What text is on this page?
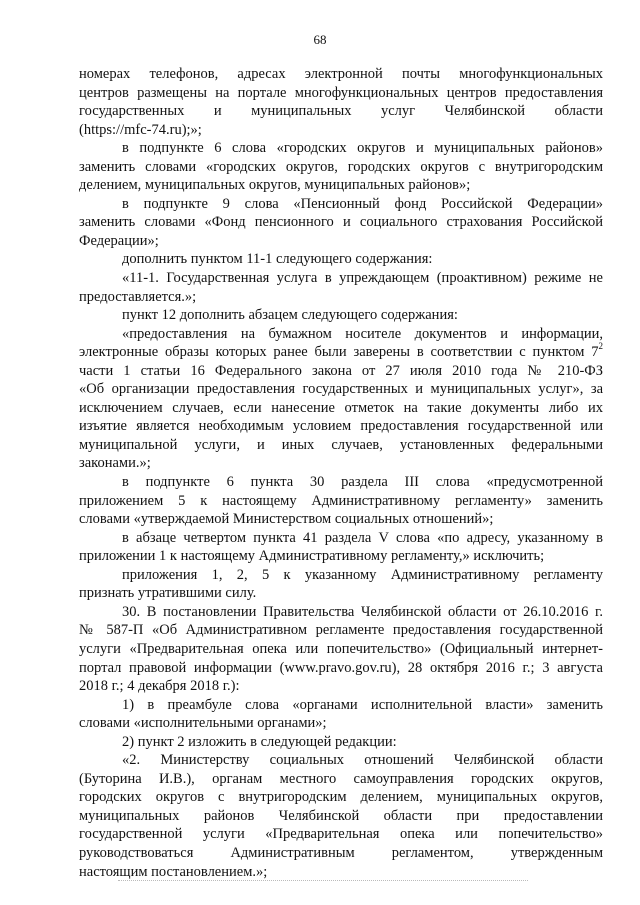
68
номерах телефонов, адресах электронной почты многофункциональных
центров размещены на портале многофункциональных центров предоставления
государственных и муниципальных услуг Челябинской области
(https://mfc-74.ru);»;
в подпункте 6 слова «городских округов и муниципальных районов»
заменить словами «городских округов, городских округов с внутригородским
делением, муниципальных округов, муниципальных районов»;
в подпункте 9 слова «Пенсионный фонд Российской Федерации»
заменить словами «Фонд пенсионного и социального страхования Российской
Федерации»;
дополнить пунктом 11-1 следующего содержания:
«11-1. Государственная услуга в упреждающем (проактивном) режиме не
предоставляется.»;
пункт 12 дополнить абзацем следующего содержания:
«предоставления на бумажном носителе документов и информации,
электронные образы которых ранее были заверены в соответствии с пунктом $7^2$
части 1 статьи 16 Федерального закона от 27 июля 2010 года № 210-ФЗ
«Об организации предоставления государственных и муниципальных услуг», за
исключением случаев, если нанесение отметок на такие документы либо их
изъятие является необходимым условием предоставления государственной или
муниципальной услуги, и иных случаев, установленных федеральными
законами.»;
в подпункте 6 пункта 30 раздела III слова «предусмотренной
приложением 5 к настоящему Административному регламенту» заменить
словами «утверждаемой Министерством социальных отношений»;
в абзаце четвертом пункта 41 раздела V слова «по адресу, указанному в
приложении 1 к настоящему Административному регламенту,» исключить;
приложения 1, 2, 5 к указанному Административному регламенту
признать утратившими силу.
30. В постановлении Правительства Челябинской области от 26.10.2016 г.
№ 587-П «Об Административном регламенте предоставления государственной
услуги «Предварительная опека или попечительство» (Официальный интернет-
портал правовой информации (www.pravo.gov.ru), 28 октября 2016 г.; 3 августа
2018 г.; 4 декабря 2018 г.):
1) в преамбуле слова «органами исполнительной власти» заменить
словами «исполнительными органами»;
2) пункт 2 изложить в следующей редакции:
«2. Министерству социальных отношений Челябинской области
(Буторина И.В.), органам местного самоуправления городских округов,
городских округов с внутригородским делением, муниципальных округов,
муниципальных районов Челябинской области при предоставлении
государственной услуги «Предварительная опека или попечительство»
руководствоваться Административным регламентом, утвержденным
настоящим постановлением.»;
